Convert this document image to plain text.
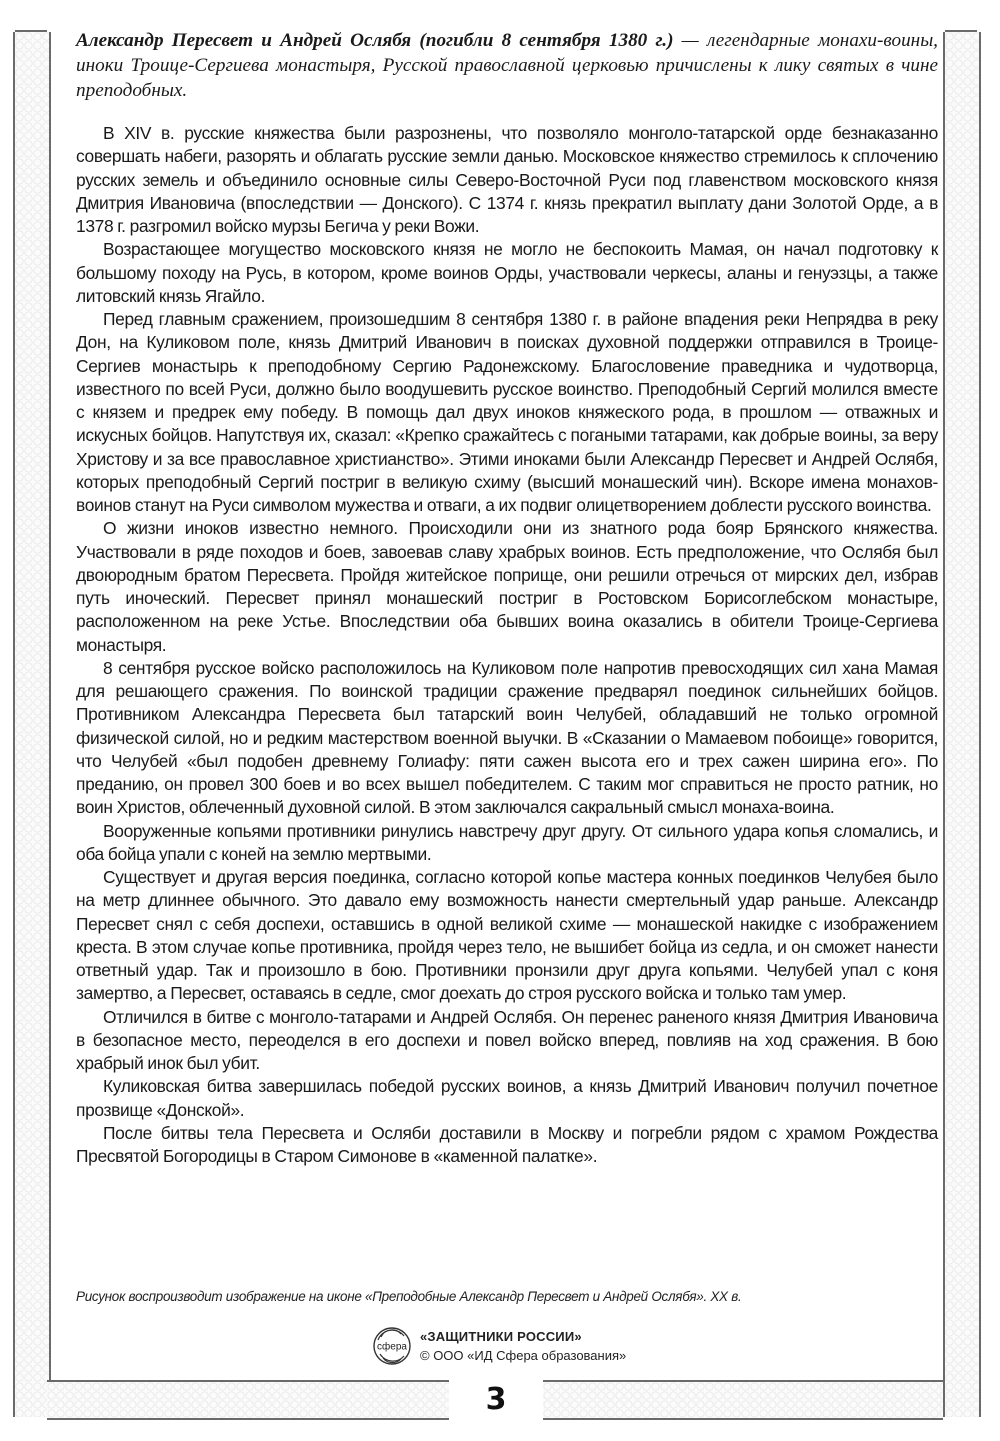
3

Александр Пересвет и Андрей Ослябя (погибли 8 сентября 1380 г.) — легендарные монахи-воины, иноки Троице-Сергиева монастыря, Русской православной церковью причислены к лику святых в чине преподобных.

В XIV в. русские княжества были разрознены, что позволяло монголо-татарской орде безнаказанно совершать набеги, разорять и облагать русские земли данью. Московское княжество стремилось к сплочению русских земель и объединило основные силы Северо-Восточной Руси под главенством московского князя Дмитрия Ивановича (впоследствии — Донского). С 1374 г. князь прекратил выплату дани Золотой Орде, а в 1378 г. разгромил войско мурзы Бегича у реки Вожи.

Возрастающее могущество московского князя не могло не беспокоить Мамая, он начал подготовку к большому походу на Русь, в котором, кроме воинов Орды, участвовали черкесы, аланы и генуэзцы, а также литовский князь Ягайло.

Перед главным сражением, произошедшим 8 сентября 1380 г. в районе впадения реки Непрядва в реку Дон, на Куликовом поле, князь Дмитрий Иванович в поисках духовной поддержки отправился в Троице-Сергиев монастырь к преподобному Сергию Радонежскому. Благословение праведника и чудотворца, известного по всей Руси, должно было воодушевить русское воинство. Преподобный Сергий молился вместе с князем и предрек ему победу. В помощь дал двух иноков княжеского рода, в прошлом — отважных и искусных бойцов. Напутствуя их, сказал: «Крепко сражайтесь с погаными татарами, как добрые воины, за веру Христову и за все православное христианство». Этими иноками были Александр Пересвет и Андрей Ослябя, которых преподобный Сергий постриг в великую схиму (высший монашеский чин). Вскоре имена монахов-воинов станут на Руси символом мужества и отваги, а их подвиг олицетворением доблести русского воинства.

О жизни иноков известно немного. Происходили они из знатного рода бояр Брянского княжества. Участвовали в ряде походов и боев, завоевав славу храбрых воинов. Есть предположение, что Ослябя был двоюродным братом Пересвета. Пройдя житейское поприще, они решили отречься от мирских дел, избрав путь иноческий. Пересвет принял монашеский постриг в Ростовском Борисоглебском монастыре, расположенном на реке Устье. Впоследствии оба бывших воина оказались в обители Троице-Сергиева монастыря.

8 сентября русское войско расположилось на Куликовом поле напротив превосходящих сил хана Мамая для решающего сражения. По воинской традиции сражение предварял поединок сильнейших бойцов. Противником Александра Пересвета был татарский воин Челубей, обладавший не только огромной физической силой, но и редким мастерством военной выучки. В «Сказании о Мамаевом побоище» говорится, что Челубей «был подобен древнему Голиафу: пяти сажен высота его и трех сажен ширина его». По преданию, он провел 300 боев и во всех вышел победителем. С таким мог справиться не просто ратник, но воин Христов, облеченный духовной силой. В этом заключался сакральный смысл монаха-воина.

Вооруженные копьями противники ринулись навстречу друг другу. От сильного удара копья сломались, и оба бойца упали с коней на землю мертвыми.

Существует и другая версия поединка, согласно которой копье мастера конных поединков Челубея было на метр длиннее обычного. Это давало ему возможность нанести смертельный удар раньше. Александр Пересвет снял с себя доспехи, оставшись в одной великой схиме — монашеской накидке с изображением креста. В этом случае копье противника, пройдя через тело, не вышибет бойца из седла, и он сможет нанести ответный удар. Так и произошло в бою. Противники пронзили друг друга копьями. Челубей упал с коня замертво, а Пересвет, оставаясь в седле, смог доехать до строя русского войска и только там умер.

Отличился в битве с монголо-татарами и Андрей Ослябя. Он перенес раненого князя Дмитрия Ивановича в безопасное место, переоделся в его доспехи и повел войско вперед, повлияв на ход сражения. В бою храбрый инок был убит.

Куликовская битва завершилась победой русских воинов, а князь Дмитрий Иванович получил почетное прозвище «Донской».

После битвы тела Пересвета и Осляби доставили в Москву и погребли рядом с храмом Рождества Пресвятой Богородицы в Старом Симонове в «каменной палатке».

Рисунок воспроизводит изображение на иконе «Преподобные Александр Пересвет и Андрей Ослябя». XX в.
сфера
«ЗАЩИТНИКИ РОССИИ»
© ООО «ИД Сфера образования»
